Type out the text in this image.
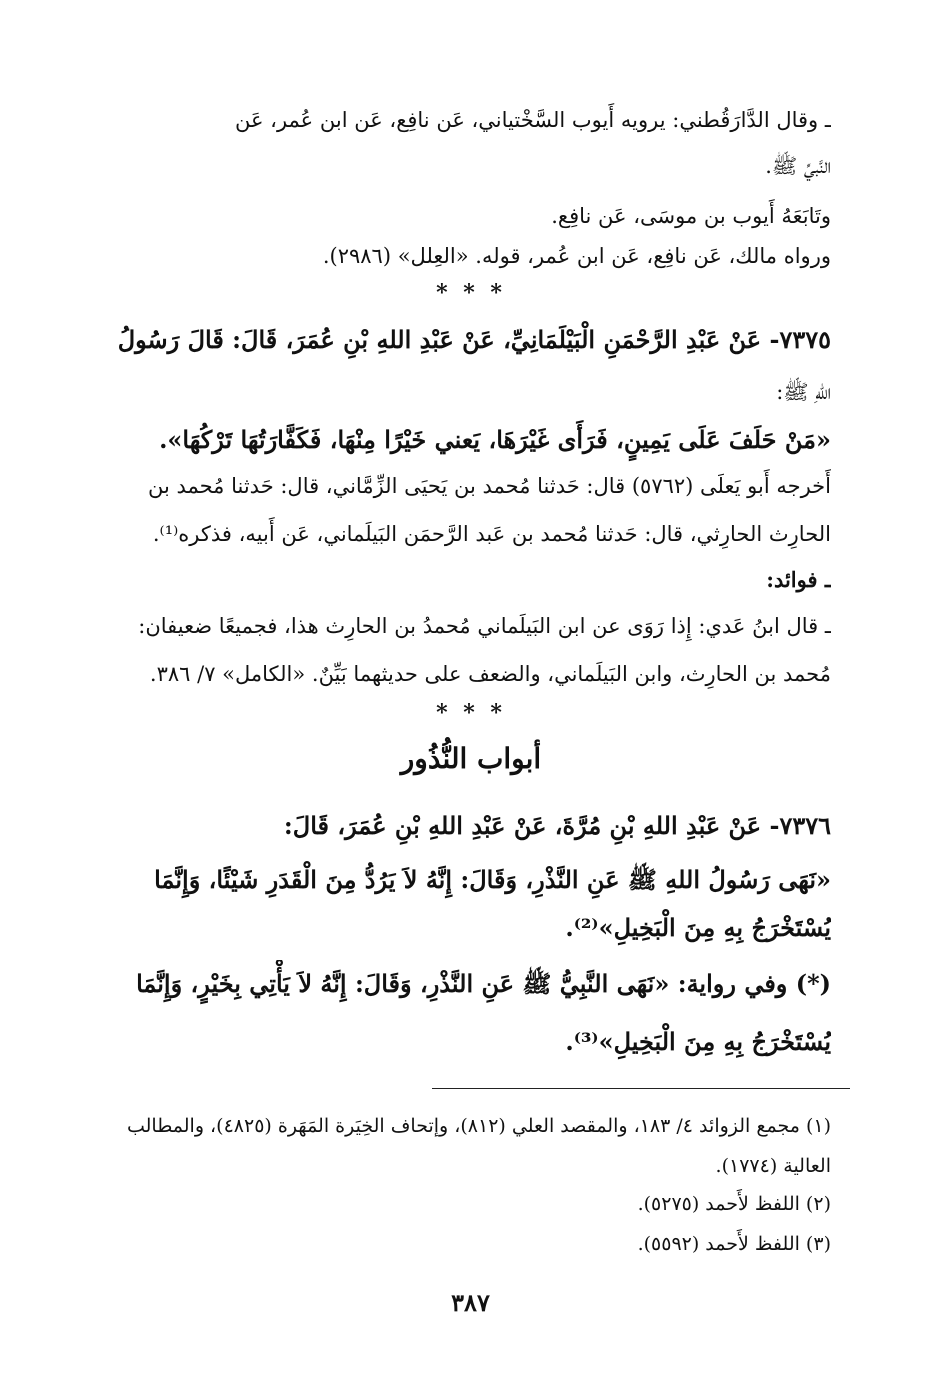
ـ وقال الدَّارَقُطني: يرويه أَيوب السَّخْتياني، عَن نافِع، عَن ابن عُمر، عَن
النَّبيِّ ﷺ.
وتَابَعَهُ أَيوب بن موسَى، عَن نافِع.
ورواه مالك، عَن نافِع، عَن ابن عُمر، قوله. «العِلل» (٢٩٨٦).
* * *
٧٣٧٥- عَنْ عَبْدِ الرَّحْمَنِ الْبَيْلَمَانِيِّ، عَنْ عَبْدِ اللهِ بْنِ عُمَرَ، قَالَ: قَالَ رَسُولُ
اللهِ ﷺ:
«مَنْ حَلَفَ عَلَى يَمِينٍ، فَرَأَى غَيْرَهَا، يَعني خَيْرًا مِنْهَا، فَكَفَّارَتُهَا تَرْكُهَا».
أَخرجه أَبو يَعلَى (٥٧٦٢) قال: حَدثنا مُحمد بن يَحيَى الزِّمَّاني، قال: حَدثنا مُحمد بن
الحارِث الحارِثي، قال: حَدثنا مُحمد بن عَبد الرَّحمَن البَيلَماني، عَن أَبيه، فذكره⁽¹⁾.
ـ فوائد:
ـ قال ابنُ عَدي: إِذا رَوَى عن ابن البَيلَماني مُحمدُ بن الحارِث هذا، فجميعًا ضعيفان:
مُحمد بن الحارِث، وابن البَيلَماني، والضعف على حديثهما بَيِّنٌ. «الكامل» ٧/ ٣٨٦.
* * *
أبواب النُّذُور
٧٣٧٦- عَنْ عَبْدِ اللهِ بْنِ مُرَّةَ، عَنْ عَبْدِ اللهِ بْنِ عُمَرَ، قَالَ:
«نَهَى رَسُولُ اللهِ ﷺ عَنِ النَّذْرِ، وَقَالَ: إِنَّهُ لاَ يَرُدُّ مِنَ الْقَدَرِ شَيْئًا، وَإِنَّمَا
يُسْتَخْرَجُ بِهِ مِنَ الْبَخِيلِ»⁽²⁾.
(*) وفي رواية: «نَهَى النَّبِيُّ ﷺ عَنِ النَّذْرِ، وَقَالَ: إِنَّهُ لاَ يَأْتِي بِخَيْرٍ، وَإِنَّمَا
يُسْتَخْرَجُ بِهِ مِنَ الْبَخِيلِ»⁽³⁾.
(١) مجمع الزوائد ٤/ ١٨٣، والمقصد العلي (٨١٢)، وإتحاف الخِيَرة المَهَرة (٤٨٢٥)، والمطالب
العالية (١٧٧٤).
(٢) اللفظ لأَحمد (٥٢٧٥).
(٣) اللفظ لأَحمد (٥٥٩٢).
٣٨٧
